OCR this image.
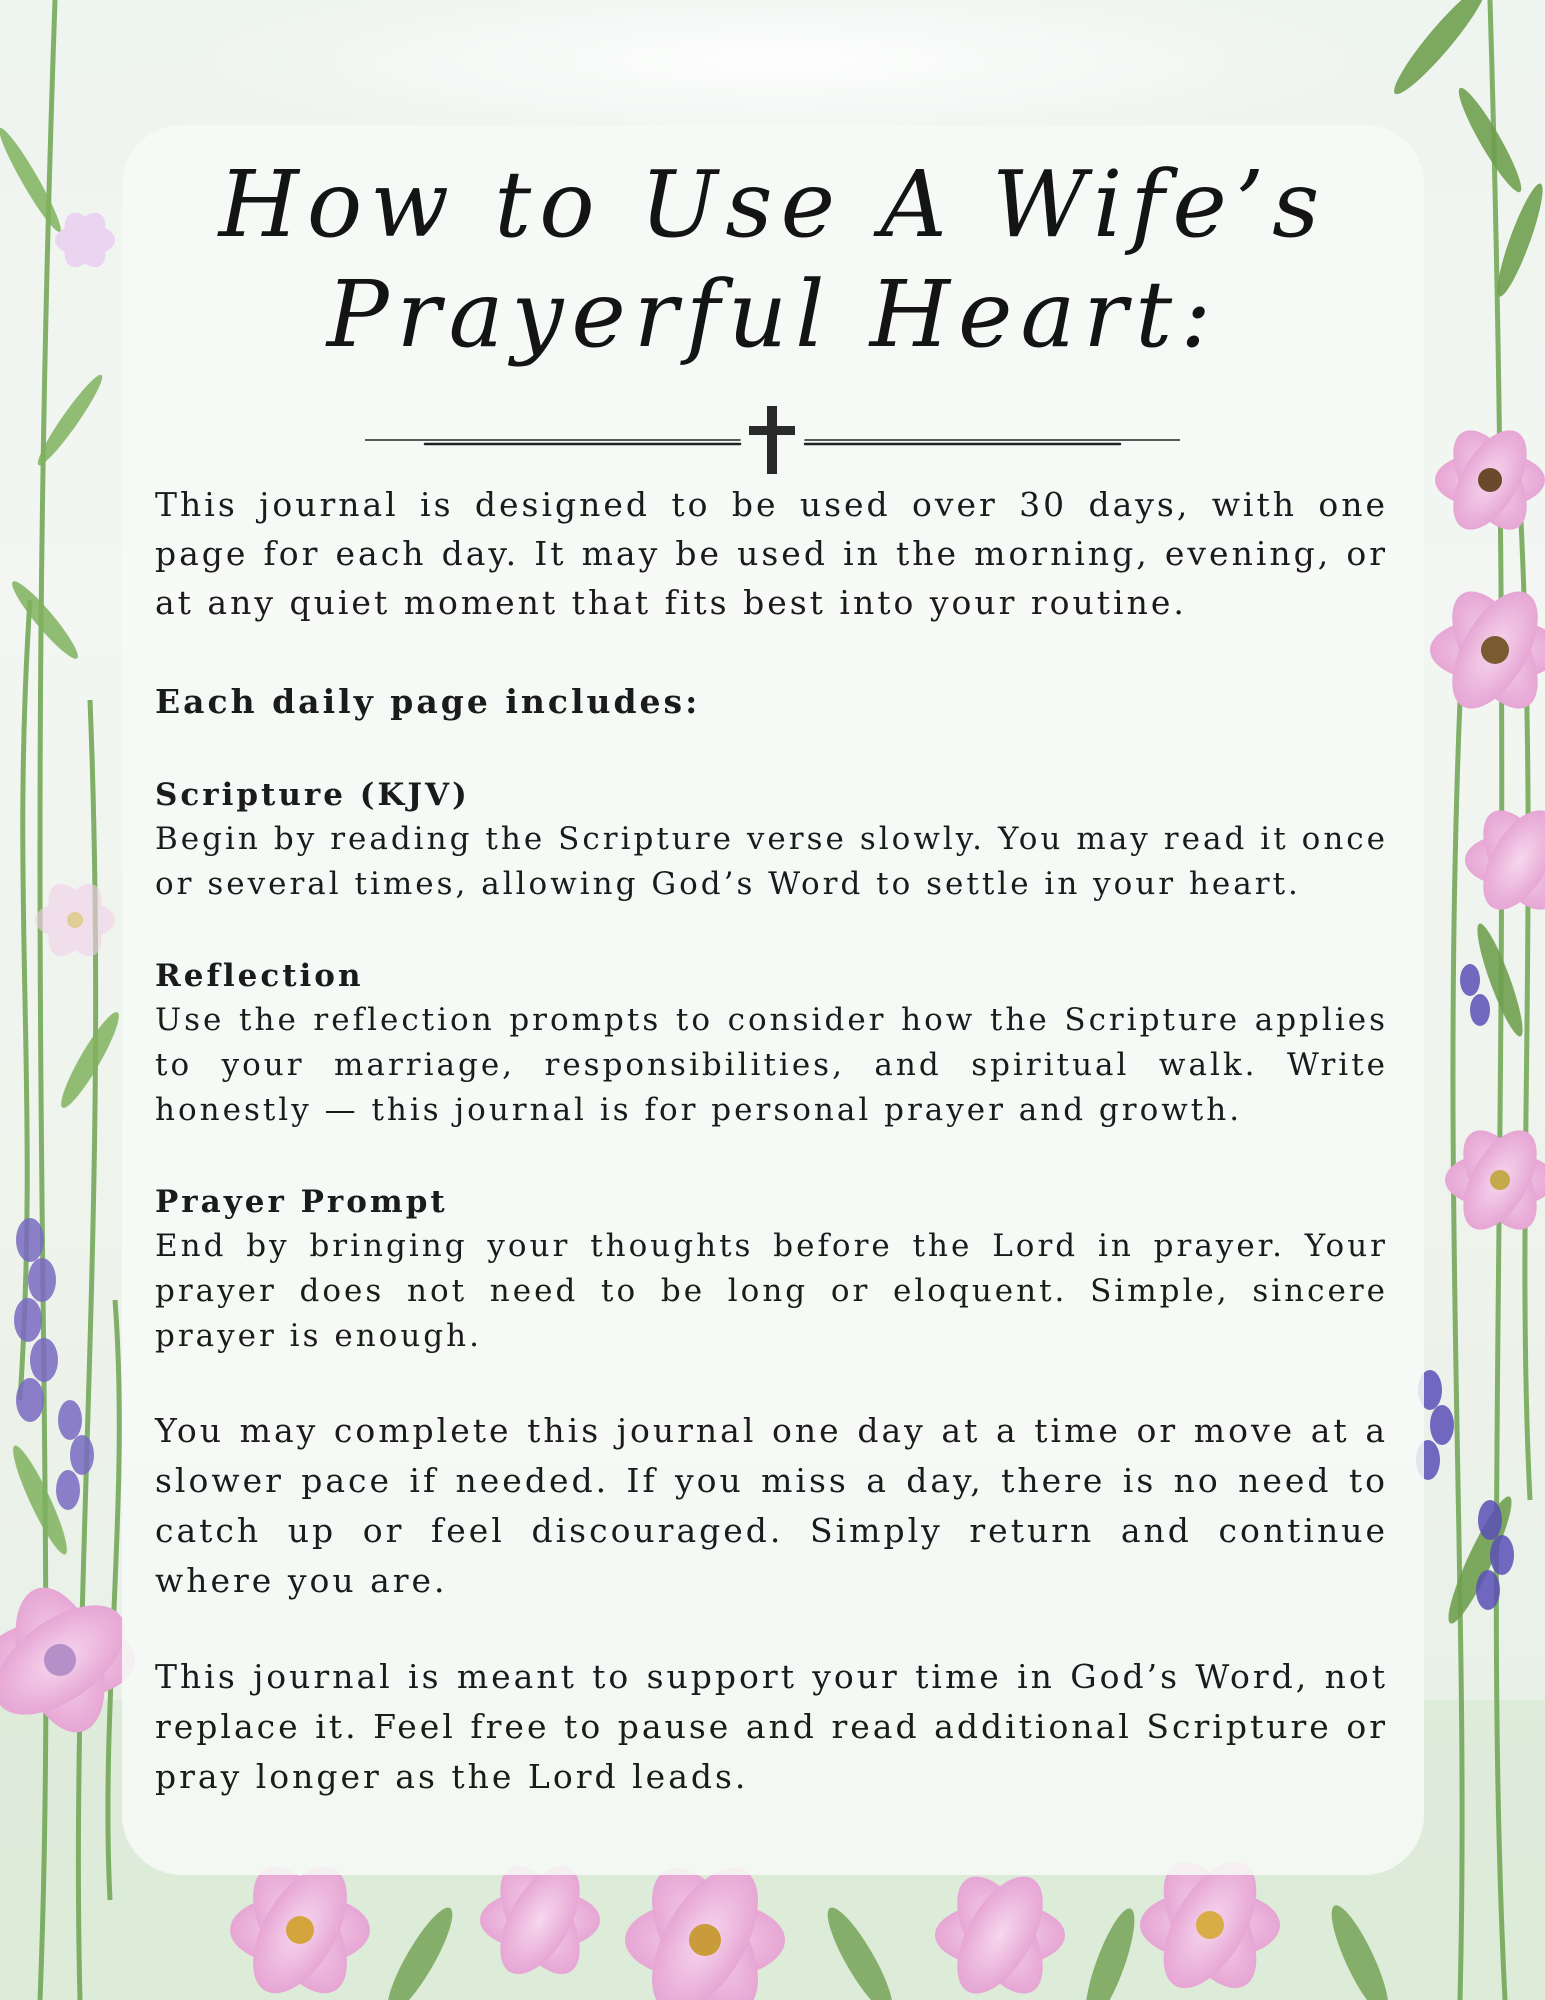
How to Use A Wife’s
Prayerful Heart:

This journal is designed to be used over 30 days, with one page for each day. It may be used in the morning, evening, or at any quiet moment that fits best into your routine.

Each daily page includes:
Scripture (KJV)

Begin by reading the Scripture verse slowly. You may read it once or several times, allowing God’s Word to settle in your heart.

Reflection

Use the reflection prompts to consider how the Scripture applies to your marriage, responsibilities, and spiritual walk. Write honestly — this journal is for personal prayer and growth.

Prayer Prompt

End by bringing your thoughts before the Lord in prayer. Your prayer does not need to be long or eloquent. Simple, sincere prayer is enough.

You may complete this journal one day at a time or move at a slower pace if needed. If you miss a day, there is no need to catch up or feel discouraged. Simply return and continue where you are.

This journal is meant to support your time in God’s Word, not replace it. Feel free to pause and read additional Scripture or pray longer as the Lord leads.
